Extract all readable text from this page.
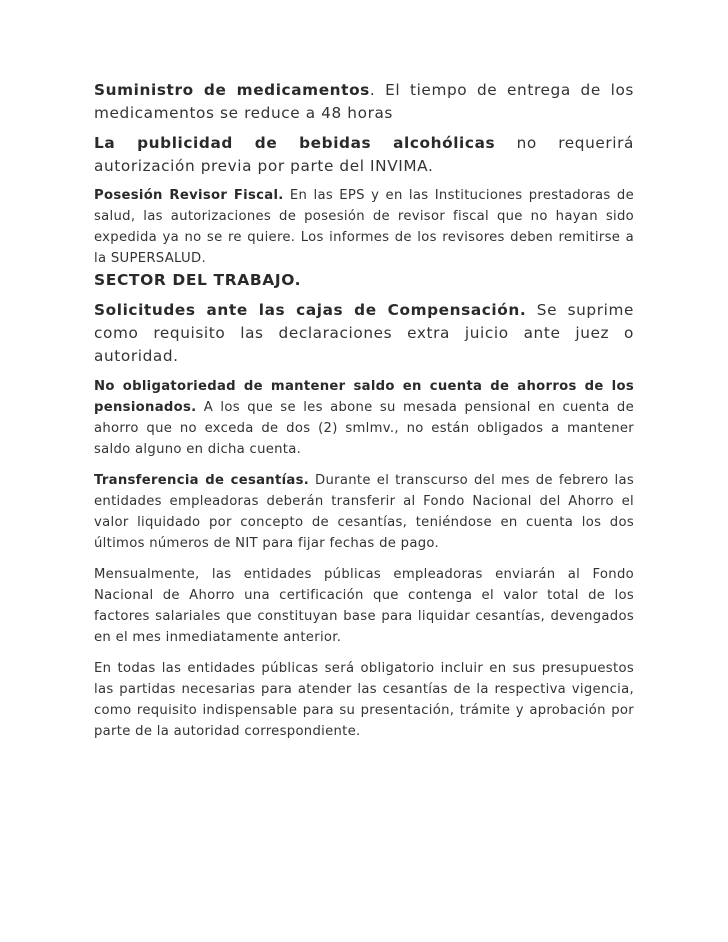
Suministro de medicamentos. El tiempo de entrega de los medicamentos se reduce a 48 horas

La publicidad de bebidas alcohólicas no requerirá autorización previa por parte del INVIMA.

Posesión Revisor Fiscal. En las EPS y en las Instituciones prestadoras de salud, las autorizaciones de posesión de revisor fiscal que no hayan sido expedida ya no se re quiere. Los informes de los revisores deben remitirse a la SUPERSALUD.

SECTOR DEL TRABAJO.

Solicitudes ante las cajas de Compensación. Se suprime como requisito las declaraciones extra juicio ante juez o autoridad.

No obligatoriedad de mantener saldo en cuenta de ahorros de los pensionados. A los que se les abone su mesada pensional en cuenta de ahorro que no exceda de dos (2) smlmv., no están obligados a mantener saldo alguno en dicha cuenta.

Transferencia de cesantías. Durante el transcurso del mes de febrero las entidades empleadoras deberán transferir al Fondo Nacional del Ahorro el valor liquidado por concepto de cesantías, teniéndose en cuenta los dos últimos números de NIT para fijar fechas de pago.

Mensualmente, las entidades públicas empleadoras enviarán al Fondo Nacional de Ahorro una certificación que contenga el valor total de los factores salariales que constituyan base para liquidar cesantías, devengados en el mes inmediatamente anterior.

En todas las entidades públicas será obligatorio incluir en sus presupuestos las partidas necesarias para atender las cesantías de la respectiva vigencia, como requisito indispensable para su presentación, trámite y aprobación por parte de la autoridad correspondiente.
